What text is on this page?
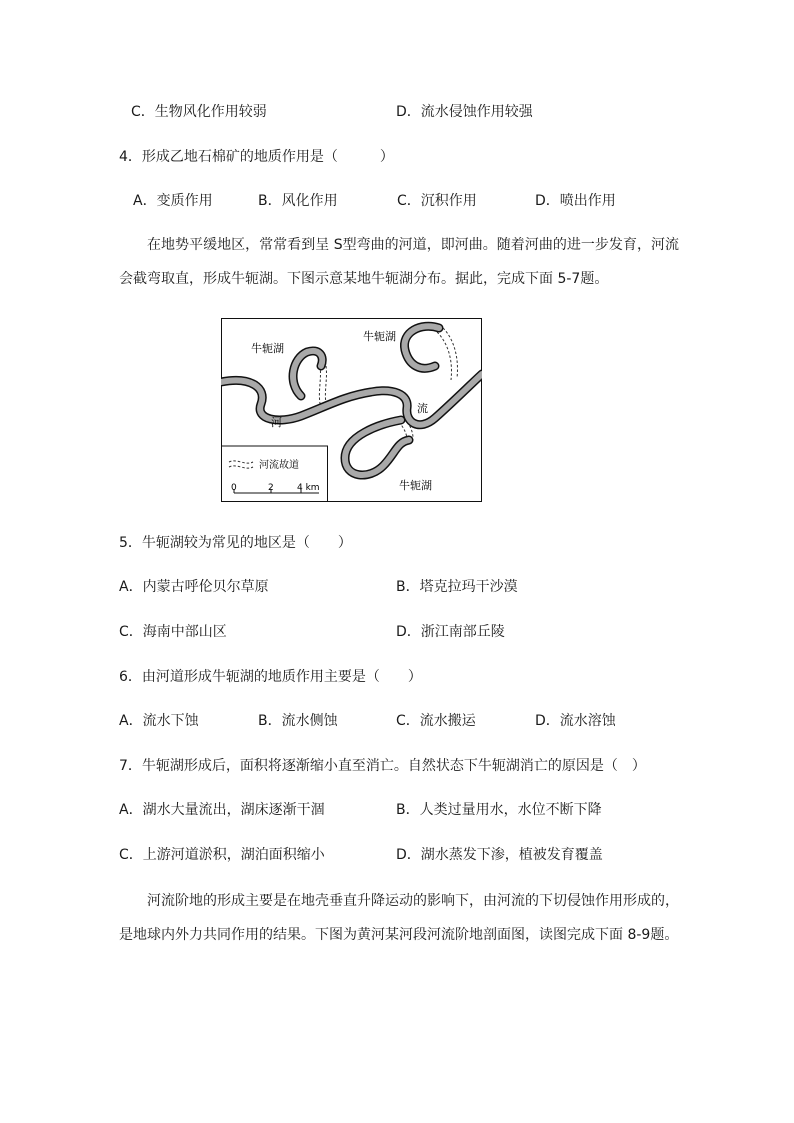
C．生物风化作用较弱	D．流水侵蚀作用较强
4．形成乙地石棉矿的地质作用是（　　　）
A．变质作用	B．风化作用	C．沉积作用	D．喷出作用
在地势平缓地区，常常看到呈 S型弯曲的河道，即河曲。随着河曲的进一步发育，河流会截弯取直，形成牛轭湖。下图示意某地牛轭湖分布。据此，完成下面 5-7题。
牛轭湖
牛轭湖
牛轭湖
河
流
河流故道
0	2	4 km
5．牛轭湖较为常见的地区是（　　）
A．内蒙古呼伦贝尔草原	B．塔克拉玛干沙漠
C．海南中部山区	D．浙江南部丘陵
6．由河道形成牛轭湖的地质作用主要是（　　）
A．流水下蚀	B．流水侧蚀	C．流水搬运	D．流水溶蚀
7．牛轭湖形成后，面积将逐渐缩小直至消亡。自然状态下牛轭湖消亡的原因是（　）
A．湖水大量流出，湖床逐渐干涸	B．人类过量用水，水位不断下降
C．上游河道淤积，湖泊面积缩小	D．湖水蒸发下渗，植被发育覆盖
河流阶地的形成主要是在地壳垂直升降运动的影响下，由河流的下切侵蚀作用形成的，是地球内外力共同作用的结果。下图为黄河某河段河流阶地剖面图，读图完成下面 8-9题。
